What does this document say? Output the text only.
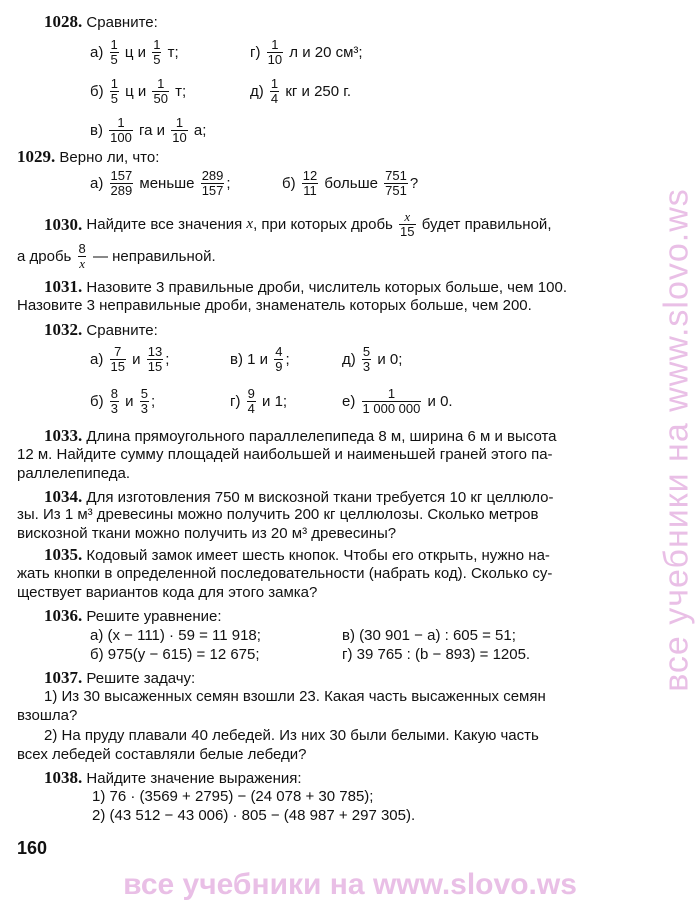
1028.
Сравните:
а)
$\frac{1}{5}$
ц и
$\frac{1}{5}$
т;	г)
$\frac{1}{10}$
л и 20 см³;
б)
$\frac{1}{5}$
ц и
$\frac{1}{50}$
т;	д)
$\frac{1}{4}$
кг и 250 г.
в)
$\frac{1}{100}$
га и
$\frac{1}{10}$
а;
1029.
Верно ли, что:
а)
$\frac{157}{289}$
меньше
$\frac{289}{157}$ ;	б)
$\frac{12}{11}$
больше
$\frac{751}{751}$ ?
1030.
Найдите все значения
x , при которых дробь
$\frac{x}{15}$
будет правильной,
а дробь
$\frac{8}{x}$
— неправильной.
1031.
Назовите 3 правильные дроби, числитель которых больше, чем 100.
Назовите 3 неправильные дроби, знаменатель которых больше, чем 200.
1032.
Сравните:
а)
$\frac{7}{15}$
и
$\frac{13}{15}$ ;	в)
1 и
$\frac{4}{9}$ ;	д)
$\frac{5}{3}$
и 0;
б)
$\frac{8}{3}$
и
$\frac{5}{3}$ ;	г)
$\frac{9}{4}$
и 1;	е)
$\frac{1}{1 000 000}$
и 0.
1033.
Длина прямоугольного параллелепипеда 8 м, ширина 6 м и высота
12 м. Найдите сумму площадей наибольшей и наименьшей граней этого па-
раллелепипеда.
1034.
Для изготовления 750 м вискозной ткани требуется 10 кг целлюло-
зы. Из 1 м³ древесины можно получить 200 кг целлюлозы. Сколько метров
вискозной ткани можно получить из 20 м³ древесины?
1035.
Кодовый замок имеет шесть кнопок. Чтобы его открыть, нужно на-
жать кнопки в определенной последовательности (набрать код). Сколько су-
ществует вариантов кода для этого замка?
1036.
Решите уравнение:
а) (x − 111) · 59 = 11 918;	в) (30 901 − a) : 605 = 51;
б) 975(y − 615) = 12 675;	г) 39 765 : (b − 893) = 1205.
1037.
Решите задачу:
1) Из 30 высаженных семян взошли 23. Какая часть высаженных семян
взошла?
2) На пруду плавали 40 лебедей. Из них 30 были белыми. Какую часть
всех лебедей составляли белые лебеди?
1038.
Найдите значение выражения:
1) 76 · (3569 + 2795) − (24 078 + 30 785);
2) (43 512 − 43 006) · 805 − (48 987 + 297 305).
160
все учебники на www.slovo.ws
все учебники на www.slovo.ws
